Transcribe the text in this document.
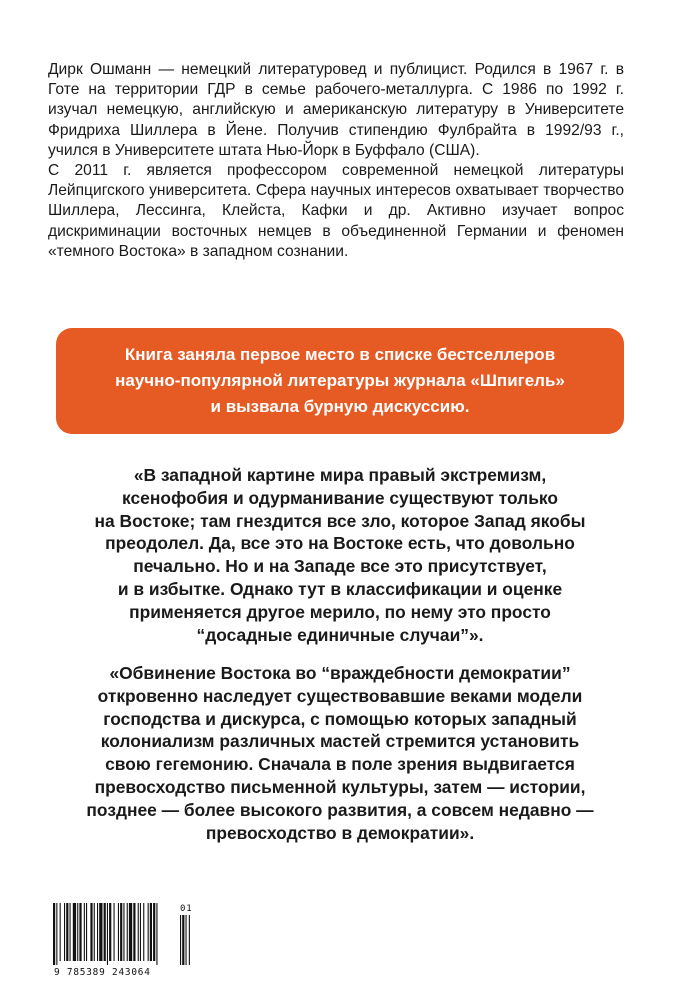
Дирк Ошманн — немецкий литературовед и публицист. Родился в 1967 г. в Готе на территории ГДР в семье рабочего-металлурга. С 1986 по 1992 г. изучал немецкую, английскую и американскую литературу в Университете Фридриха Шиллера в Йене. Получив стипендию Фулбрайта в 1992/93 г., учился в Университете штата Нью-Йорк в Буффало (США).

С 2011 г. является профессором современной немецкой литературы Лейпцигского университета. Сфера научных интересов охватывает творчество Шиллера, Лессинга, Клейста, Кафки и др. Активно изучает вопрос дискриминации восточных немцев в объединенной Германии и феномен «темного Востока» в западном сознании.

Книга заняла первое место в списке бестселлеров
научно-популярной литературы журнала «Шпигель»
и вызвала бурную дискуссию.
«В западной картине мира правый экстремизм,
ксенофобия и одурманивание существуют только
на Востоке; там гнездится все зло, которое Запад якобы
преодолел. Да, все это на Востоке есть, что довольно
печально. Но и на Западе все это присутствует,
и в избытке. Однако тут в классификации и оценке
применяется другое мерило, по нему это просто
“досадные единичные случаи”».
«Обвинение Востока во “враждебности демократии”
откровенно наследует существовавшие веками модели
господства и дискурса, с помощью которых западный
колониализм различных мастей стремится установить
свою гегемонию. Сначала в поле зрения выдвигается
превосходство письменной культуры, затем — истории,
позднее — более высокого развития, а совсем недавно —
превосходство в демократии».
9 785389 243064
01
